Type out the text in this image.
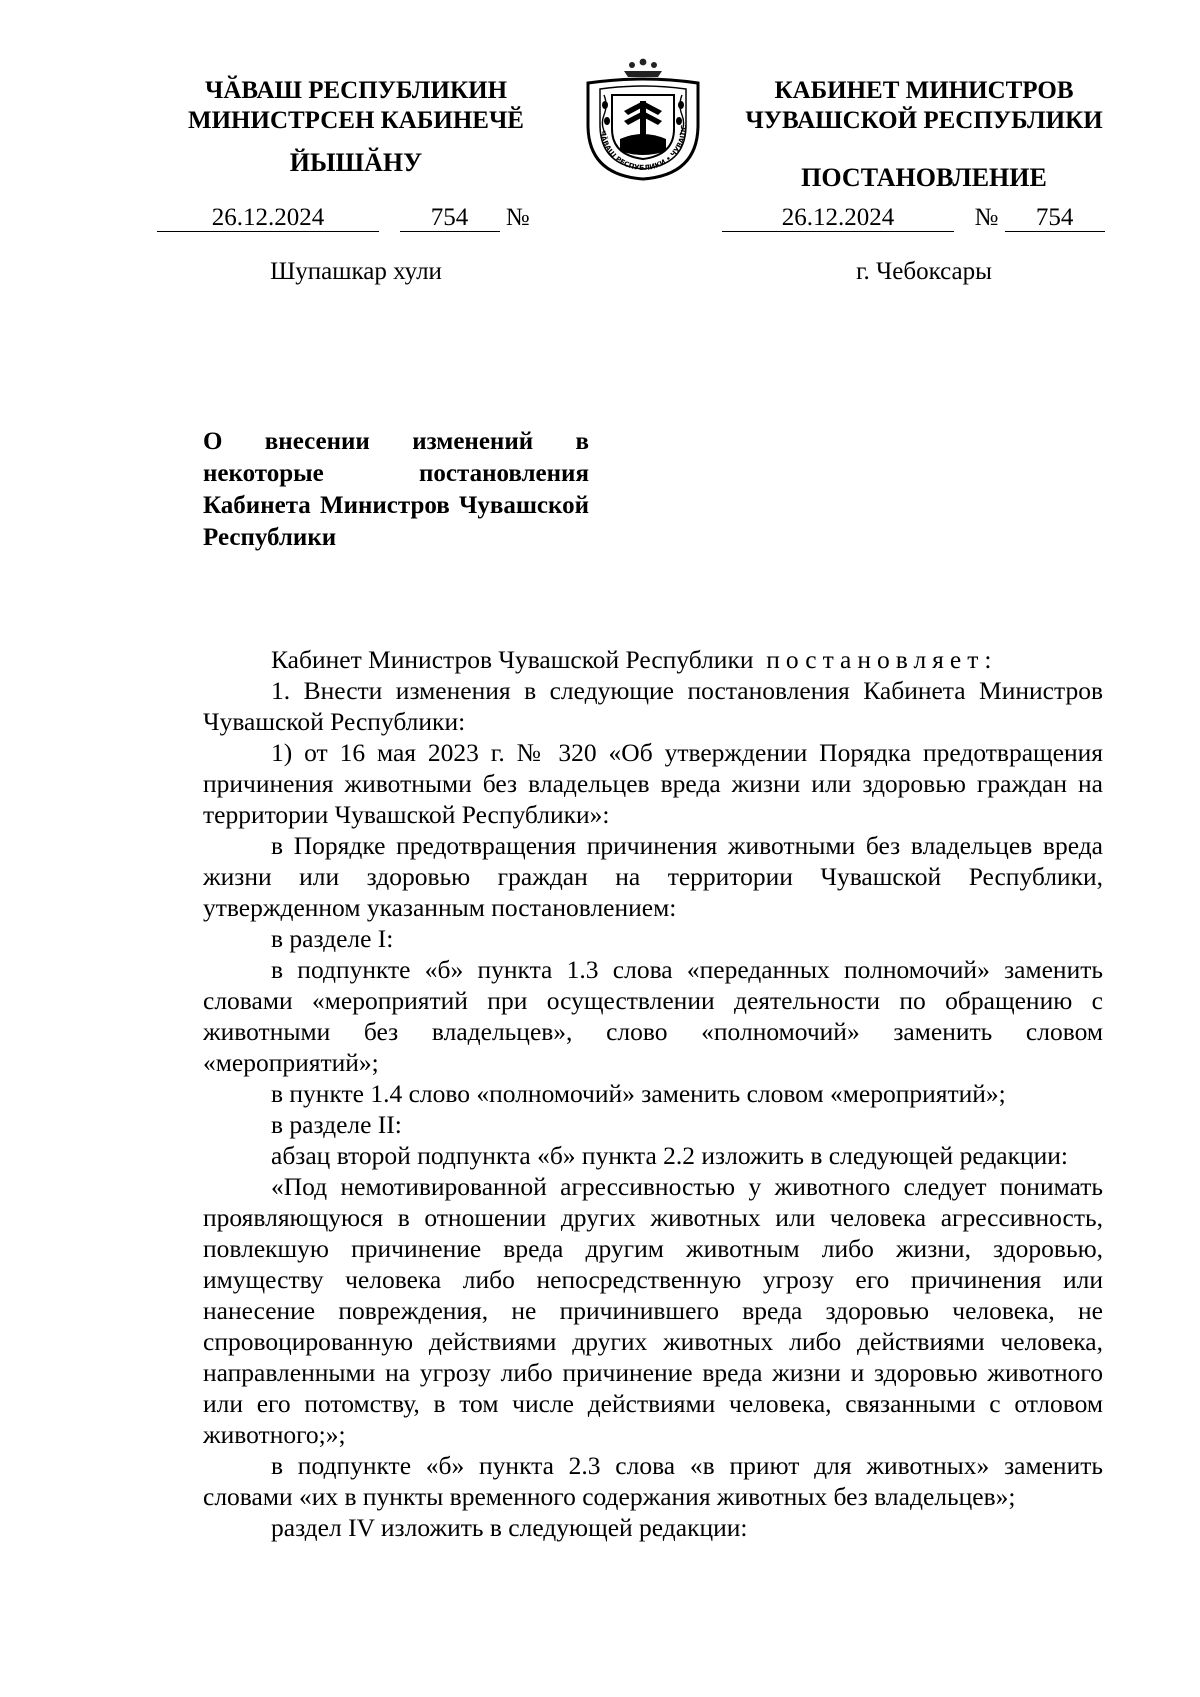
ЧӐВАШ РЕСПУБЛИКИН
МИНИСТРСЕН КАБИНЕЧӖ
ЙЫШӐНУ
26.12.2024	754 №
Шупашкар хули
ЧӐВАШ РЕСПУБЛИКИ • ЧУВАШС
КАБИНЕТ МИНИСТРОВ
ЧУВАШСКОЙ РЕСПУБЛИКИ
ПОСТАНОВЛЕНИЕ
26.12.2024	№ 754
г. Чебоксары
О внесении изменений в некоторые постановления Кабинета Министров Чувашской Республики

Кабинет Министров Чувашской Республики постановляет:

1. Внести изменения в следующие постановления Кабинета Министров Чувашской Республики:

1) от 16 мая 2023 г. № 320 «Об утверждении Порядка предотвращения причинения животными без владельцев вреда жизни или здоровью граждан на территории Чувашской Республики»:

в Порядке предотвращения причинения животными без владельцев вреда жизни или здоровью граждан на территории Чувашской Республики, утвержденном указанным постановлением:

в разделе I:

в подпункте «б» пункта 1.3 слова «переданных полномочий» заменить словами «мероприятий при осуществлении деятельности по обращению с животными без владельцев», слово «полномочий» заменить словом «мероприятий»;

в пункте 1.4 слово «полномочий» заменить словом «мероприятий»;

в разделе II:

абзац второй подпункта «б» пункта 2.2 изложить в следующей редакции:

«Под немотивированной агрессивностью у животного следует понимать проявляющуюся в отношении других животных или человека агрессивность, повлекшую причинение вреда другим животным либо жизни, здоровью, имуществу человека либо непосредственную угрозу его причинения или нанесение повреждения, не причинившего вреда здоровью человека, не спровоцированную действиями других животных либо действиями человека, направленными на угрозу либо причинение вреда жизни и здоровью животного или его потомству, в том числе действиями человека, связанными с отловом животного;»;

в подпункте «б» пункта 2.3 слова «в приют для животных» заменить словами «их в пункты временного содержания животных без владельцев»;

раздел IV изложить в следующей редакции:
